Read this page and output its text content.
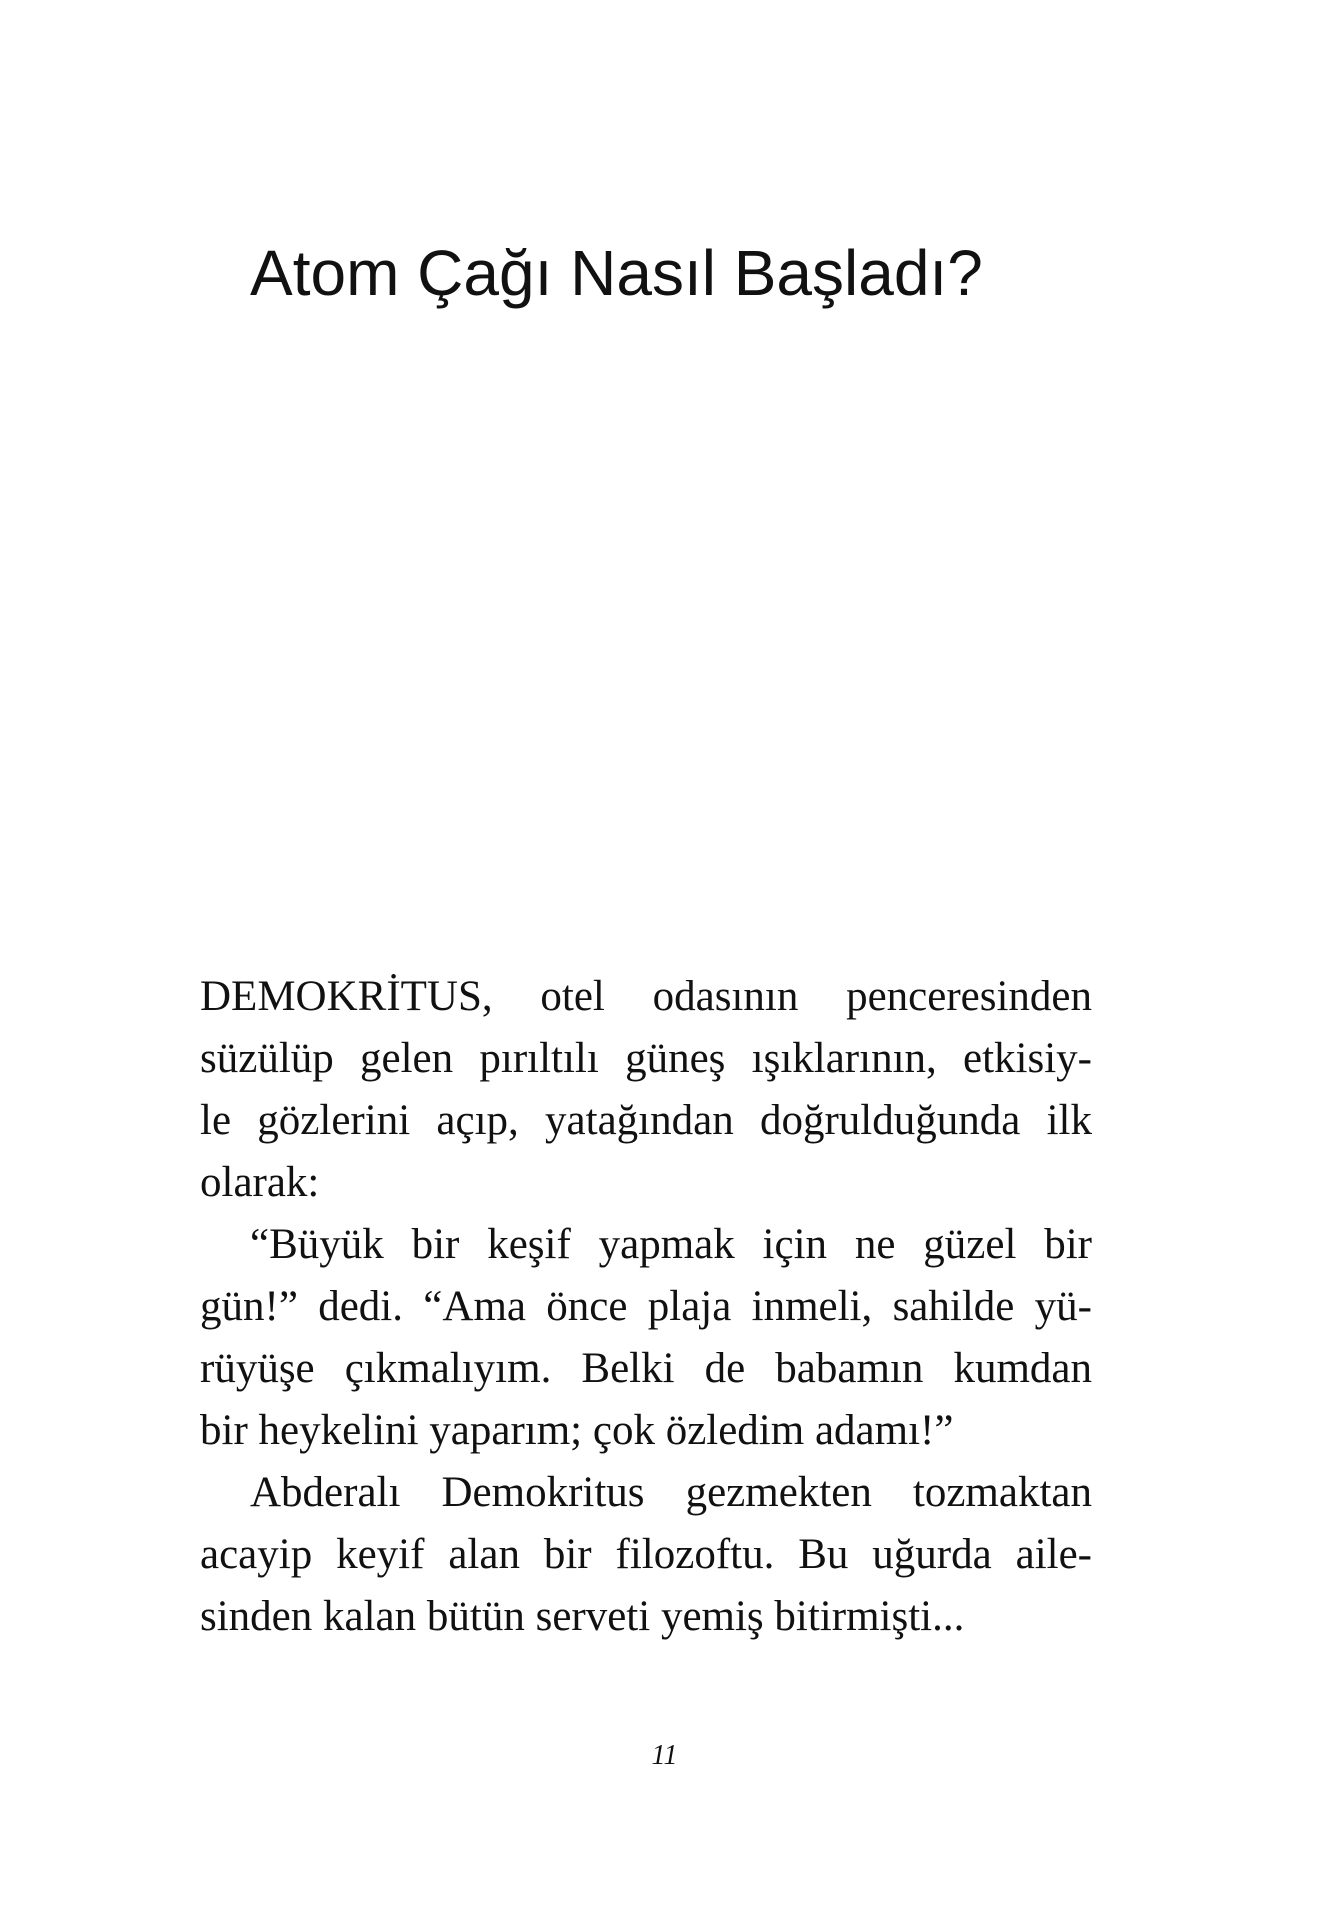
Atom Çağı Nasıl Başladı?
DEMOKRİTUS, otel odasının penceresinden
süzülüp gelen pırıltılı güneş ışıklarının, etkisiy-
le gözlerini açıp, yatağından doğrulduğunda ilk
olarak:
“Büyük bir keşif yapmak için ne güzel bir
gün!” dedi. “Ama önce plaja inmeli, sahilde yü-
rüyüşe çıkmalıyım. Belki de babamın kumdan
bir heykelini yaparım; çok özledim adamı!”
Abderalı Demokritus gezmekten tozmaktan
acayip keyif alan bir filozoftu. Bu uğurda aile-
sinden kalan bütün serveti yemiş bitirmişti...
11
